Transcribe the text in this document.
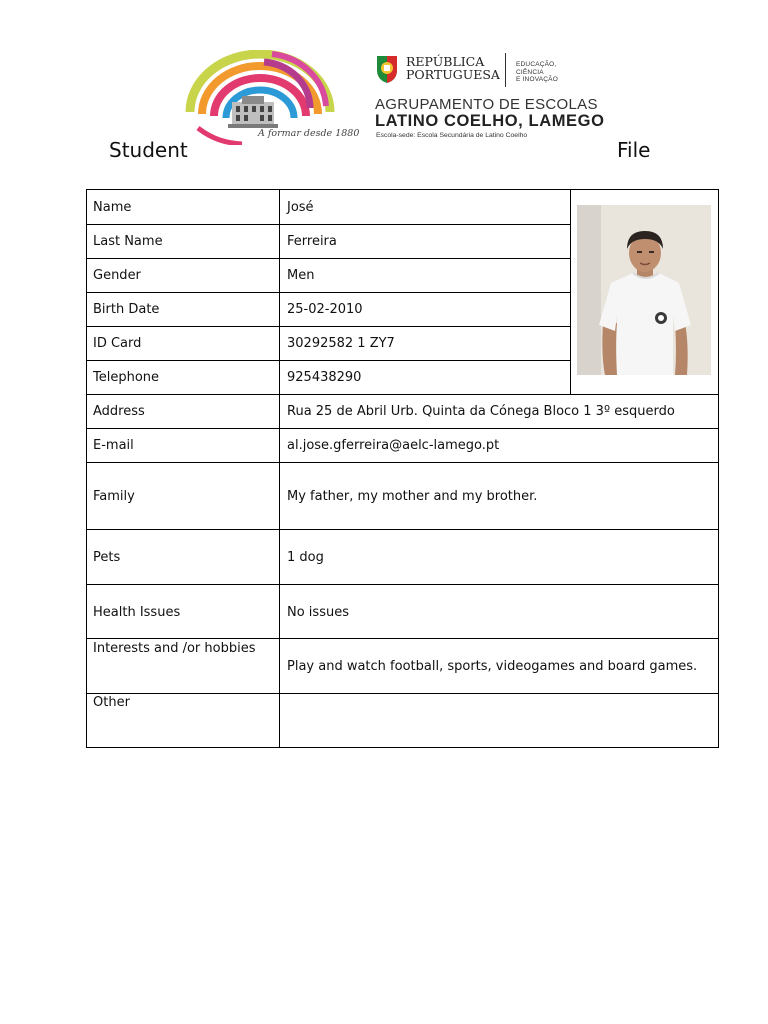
A formar desde 1880
REPÚBLICA
PORTUGUESA
EDUCAÇÃO, CIÊNCIA
E INOVAÇÃO
AGRUPAMENTO DE ESCOLAS
LATINO COELHO, LAMEGO
Escola-sede: Escola Secundária de Latino Coelho
Student	File
Name
Last Name
Gender
Birth Date
ID Card
Telephone
Address
E-mail
Family
Pets
Health Issues
Interests and /or hobbies
Other
José
Ferreira
Men
25-02-2010
30292582 1 ZY7
925438290
Rua 25 de Abril Urb. Quinta da Cónega Bloco 1 3º esquerdo
al.jose.gferreira@aelc-lamego.pt
My father, my mother and my brother.
1 dog
No issues
Play and watch football, sports, videogames and board games.
